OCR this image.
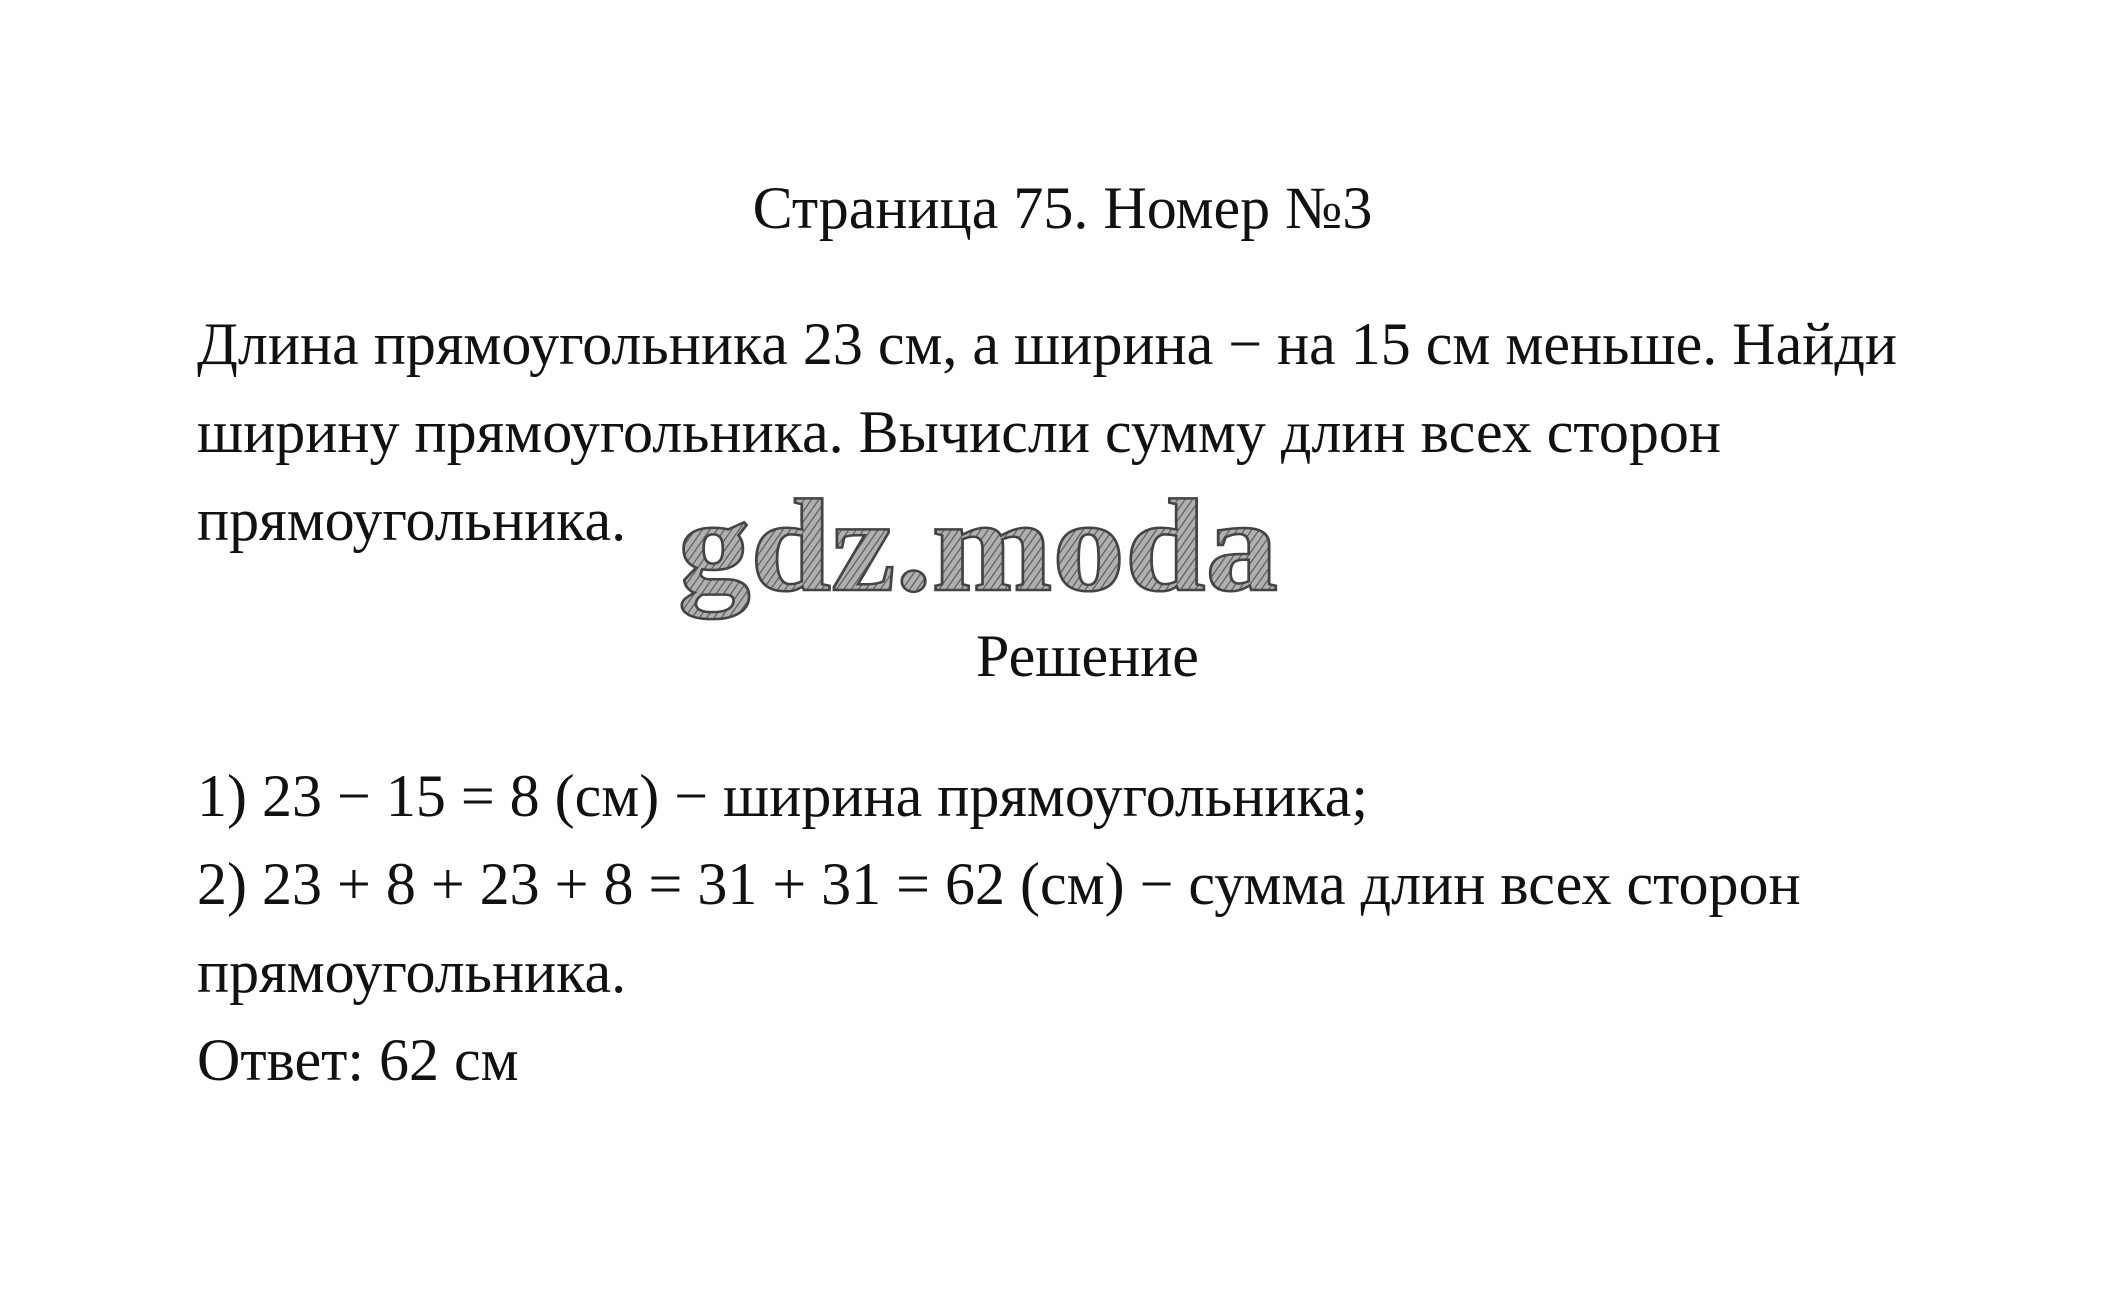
Страница 75. Номер №3
Длина прямоугольника 23 см, а ширина − на 15 см меньше. Найди
ширину прямоугольника. Вычисли сумму длин всех сторон
прямоугольника. gdz.moda
Решение
1) 23 − 15 = 8 (см) − ширина прямоугольника;
2) 23 + 8 + 23 + 8 = 31 + 31 = 62 (см) − сумма длин всех сторон
прямоугольника.
Ответ: 62 см
